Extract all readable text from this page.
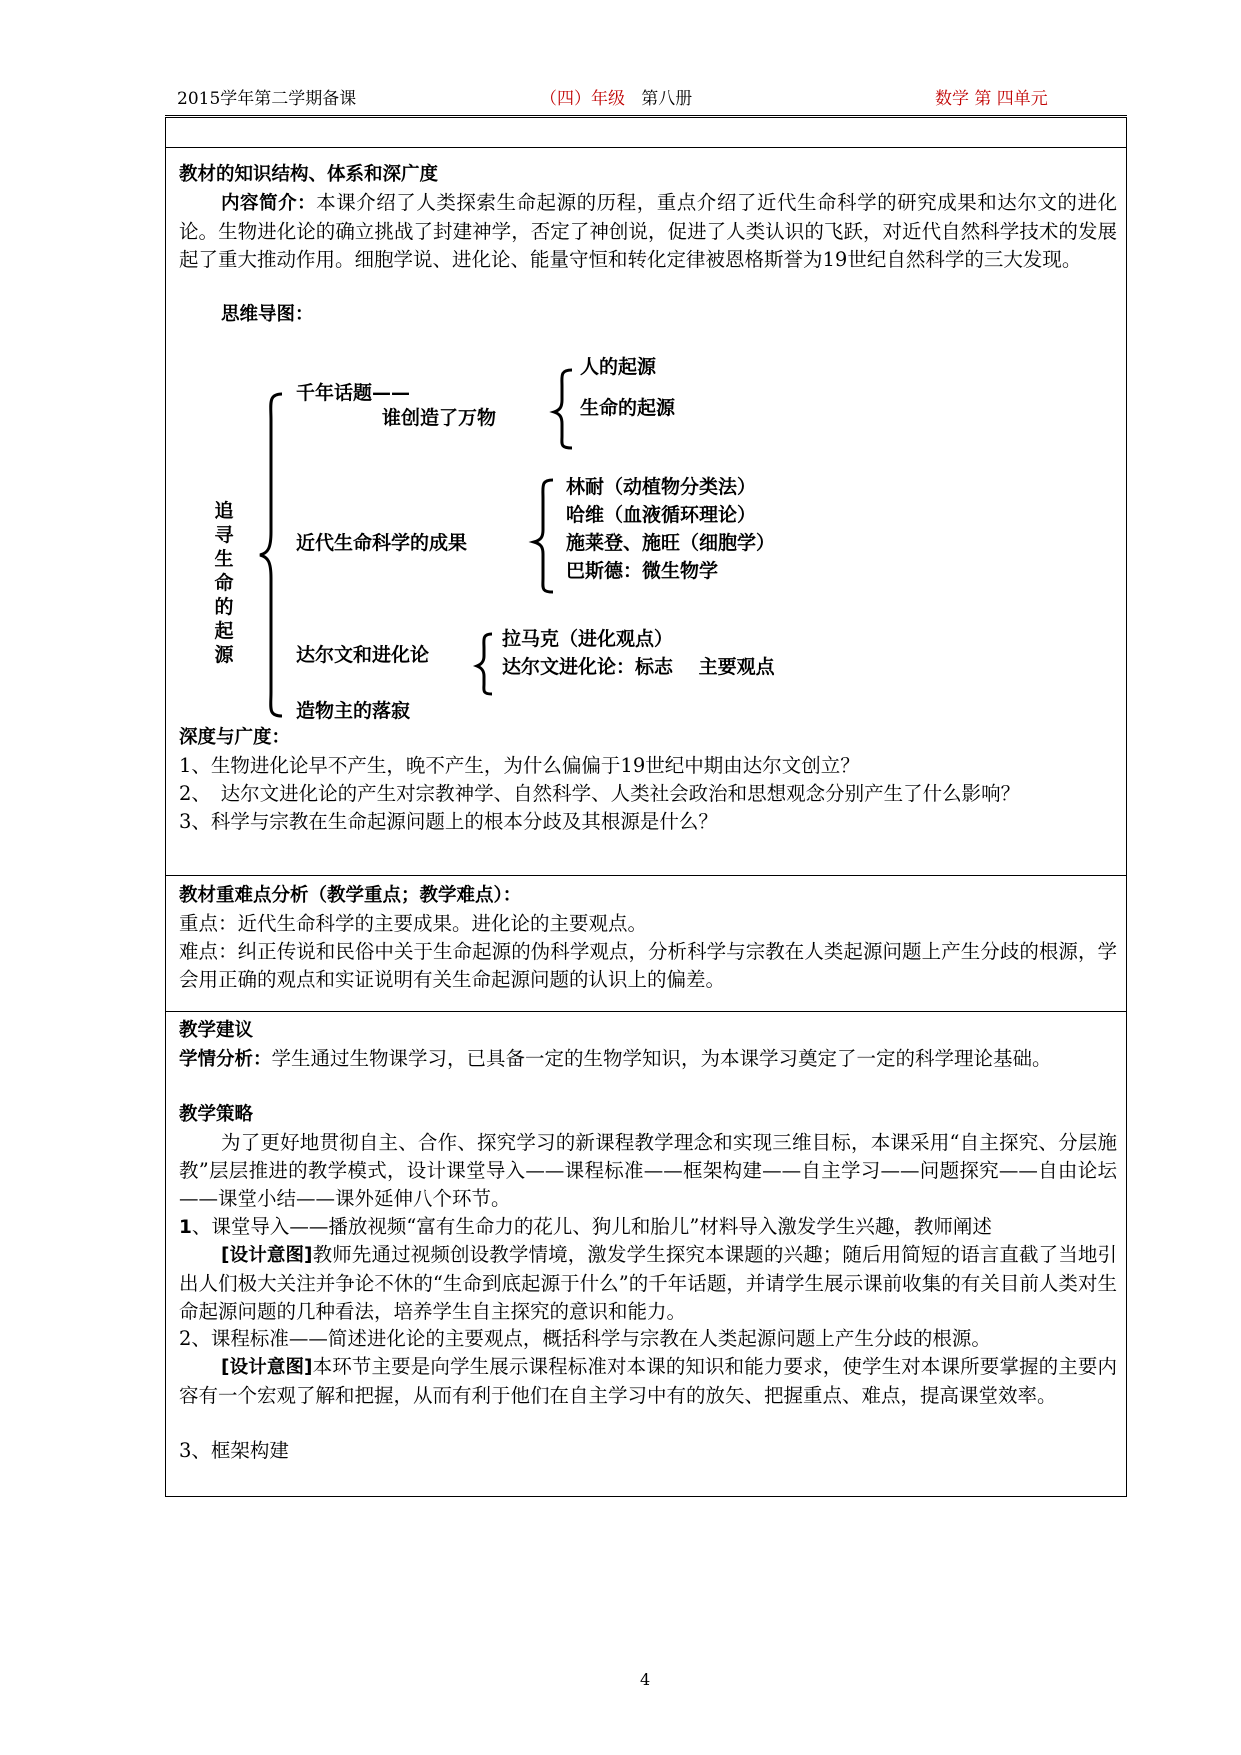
2015学年第二学期备课	（四）年级 第八册	数学 第 四单元
教材的知识结构、体系和深广度
内容简介：本课介绍了人类探索生命起源的历程，重点介绍了近代生命科学的研究成果和达尔文的进化论。生物进化论的确立挑战了封建神学，否定了神创说，促进了人类认识的飞跃，对近代自然科学技术的发展起了重大推动作用。细胞学说、进化论、能量守恒和转化定律被恩格斯誉为19世纪自然科学的三大发现。
思维导图：
深度与广度：
1、生物进化论早不产生，晚不产生，为什么偏偏于19世纪中期由达尔文创立？
2、　达尔文进化论的产生对宗教神学、自然科学、人类社会政治和思想观念分别产生了什么影响？
3、科学与宗教在生命起源问题上的根本分歧及其根源是什么？
教材重难点分析（教学重点；教学难点）：
重点：近代生命科学的主要成果。进化论的主要观点。
难点：纠正传说和民俗中关于生命起源的伪科学观点，分析科学与宗教在人类起源问题上产生分歧的根源，学会用正确的观点和实证说明有关生命起源问题的认识上的偏差。
教学建议
学情分析：学生通过生物课学习，已具备一定的生物学知识，为本课学习奠定了一定的科学理论基础。
教学策略
为了更好地贯彻自主、合作、探究学习的新课程教学理念和实现三维目标，本课采用“自主探究、分层施教”层层推进的教学模式，设计课堂导入——课程标准——框架构建——自主学习——问题探究——自由论坛——课堂小结——课外延伸八个环节。
1、课堂导入——播放视频“富有生命力的花儿、狗儿和胎儿”材料导入激发学生兴趣，教师阐述
[设计意图]教师先通过视频创设教学情境，激发学生探究本课题的兴趣；随后用简短的语言直截了当地引出人们极大关注并争论不休的“生命到底起源于什么”的千年话题，并请学生展示课前收集的有关目前人类对生命起源问题的几种看法，培养学生自主探究的意识和能力。
2、课程标准——简述进化论的主要观点，概括科学与宗教在人类起源问题上产生分歧的根源。
[设计意图]本环节主要是向学生展示课程标准对本课的知识和能力要求，使学生对本课所要掌握的主要内容有一个宏观了解和把握，从而有利于他们在自主学习中有的放矢、把握重点、难点，提高课堂效率。
3、框架构建
追寻生命的起源
千年话题——
谁创造了万物
人的起源
生命的起源
近代生命科学的成果
林耐（动植物分类法）
哈维（血液循环理论）
施莱登、施旺（细胞学）
巴斯德：微生物学
达尔文和进化论
拉马克（进化观点）
达尔文进化论：标志　 主要观点
造物主的落寂
4
